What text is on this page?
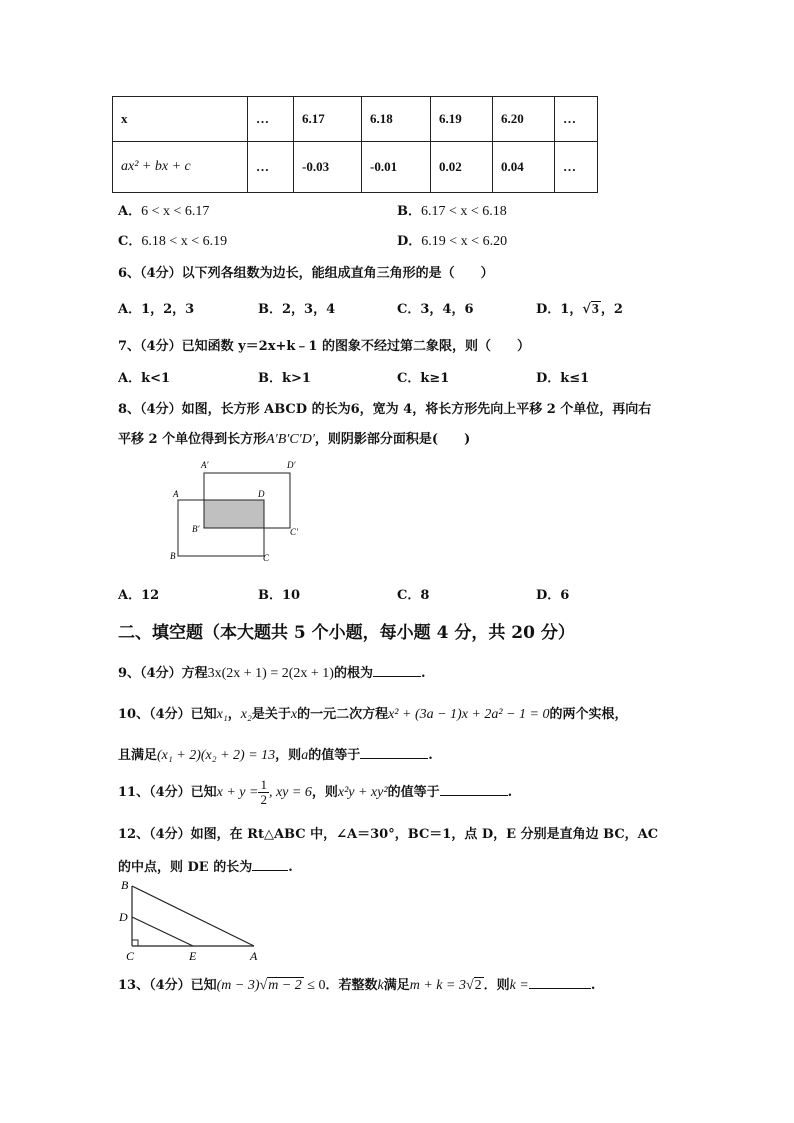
x	…	6.17	6.18	6.19	6.20	…
ax² + bx + c	…	-0.03	-0.01	0.02	0.04	…
A．6 < x < 6.17	B．6.17 < x < 6.18
C．6.18 < x < 6.19	D．6.19 < x < 6.20
6、（4分）以下列各组数为边长，能组成直角三角形的是（　　）
A．1，2，3	B．2，3，4	C．3，4，6	D．1，√3 ，2
7、（4分）已知函数 y＝2x+k﹣1 的图象不经过第二象限，则（　　）
A．k<1	B．k>1	C．k≥1	D．k≤1
8、（4分）如图，长方形 ABCD 的长为6，宽为 4，将长方形先向上平移 2 个单位，再向右
平移 2 个单位得到长方形A′B′C′D′，则阴影部分面积是(　　)
A
B	C
D
A′
B′	C′
D′
A．12	B．10	C．8	D．6
二、填空题（本大题共 5 个小题，每小题 4 分，共 20 分）
9、（4分）方程3x(2x + 1) = 2(2x + 1)的根为	.
10、（4分）已知x₁，x₂是关于x的一元二次方程x² + (3a − 1)x + 2a² − 1 = 0的两个实根，
且满足(x₁ + 2)(x₂ + 2) = 13，则a的值等于	.
11、（4分）已知$x + y = \frac{1}{2}$ , xy = 6，则x²y + xy²的值等于	.
12、（4分）如图，在 Rt△ABC 中，∠A＝30°，BC＝1，点 D，E 分别是直角边 BC，AC
的中点，则 DE 的长为	.
B
D
C	E	A
13、（4分）已知(m − 3)√m − 2 ≤ 0．若整数k满足m + k = 3√2 ．则k =	.
